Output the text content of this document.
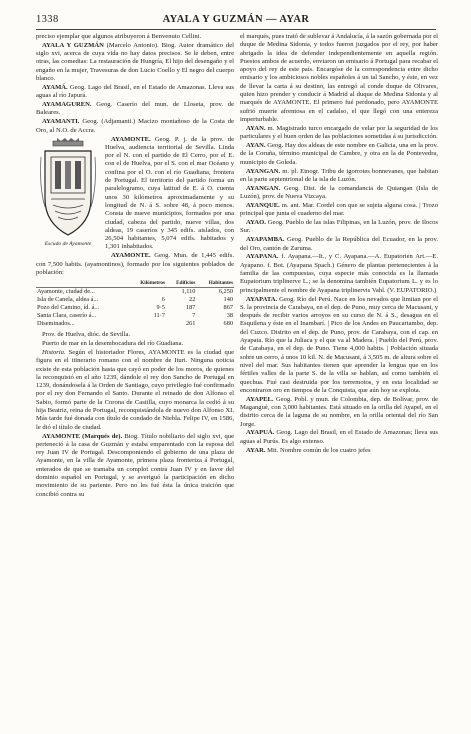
1338	AYALA Y GUZMÁN — AYAR

preciso ejemplar que algunos atribuyeron á Benvenuto Cellini.

AYALA Y GUZMÁN (Marcelo Antonio). Biog. Autor dramático del siglo xvi, acerca de cuya vida no hay datos precisos. Se le deben, entre otras, las comedias: La restauración de Hungría, El hijo del desengaño y el engaño en la mujer, Travesuras de don Lucio Coello y El negro del cuerpo blanco.

AYAMÁ. Geog. Lago del Brasil, en el Estado de Amazonas. Lleva sus aguas al río Japurá.

AYAMAGUREN. Geog. Caserío del mun. de Lloseta, prov. de Baleares.

AYAMANTI. Geog. (Adjamanti.) Macizo montañoso de la Costa de Oro, al N.O. de Accra.

Escudo de Ayamonte

AYAMONTE. Geog. P. j. de la prov. de Huelva, audiencia territorial de Sevilla. Linda por el N. con el partido de El Cerro, por el E. con el de Huelva, por el S. con el mar Océano y confina por el O. con el río Guadiana, frontera de Portugal. El territorio del partido forma un paralelogramo, cuya latitud de E. á O. cuenta unos 30 kilómetros aproximadamente y su longitud de N. á S. sobre 48, á poco menos. Consta de nueve municipios, formados por una ciudad, cabeza del partido, nueve villas, dos aldeas, 19 caseríos y 345 edifs. aislados, con 26,504 habitantes, 5,074 edifs. habitados y 1,301 inhabitados.

AYAMONTE. Geog. Mun. de 1,445 edifs. con 7,500 habits. (ayamontinos), formado por los siguientes poblados de población:

	Kilómetros	Edificios	Habitantes
Ayamonte, ciudad de...		1,110	6,250
Isla de Canela, aldea á...	6	22	140
Pozo del Camino, íd. á...	9·5	187	867
Santa Clara, caserío á...	11·7	7	38
Diseminados...		261	680

Prov. de Huelva, dióc. de Sevilla.

Puerto de mar en la desembocadura del río Guadiana.

Historia. Según el historiador Flores, AYAMONTE es la ciudad que figura en el itinerario romano con el nombre de Ituri. Ninguna noticia existe de esta población hasta que cayó en poder de los moros, de quienes la reconquistó en el año 1239, dándole el rey don Sancho de Portugal en 1239, donándosela á la Orden de Santiago, cuyo privilegio fué confirmado por el rey don Fernando el Santo. Durante el reinado de don Alfonso el Sabio, formó parte de la Corona de Castilla, cuyo monarca la cedió á su hija Beatriz, reina de Portugal, reconquistándola de nuevo don Alfonso XI. Más tarde fué donada con título de condado de Niebla. Felipe IV, en 1586, le dió el título de ciudad.

AYAMONTE (Marqués de). Biog. Título nobiliario del siglo xvi, que perteneció á la casa de Guzmán y estaba emparentado con la esposa del rey Juan IV de Portugal. Descomponiendo el gobierno de una plaza de Ayamonte, en la villa de Ayamonte, primera plaza fronteriza á Portugal, enterados de que se tramaba un complot contra Juan IV y en favor del dominio español en Portugal, y se averiguó la participación en dicho movimiento de su pariente. Pero no les fué ésta la única traición que concibió contra su

el marqués, pues trató de sublevar á Andalucía, á la sazón gobernada por el duque de Medina Sidonia, y todos fueron juzgados por el rey, por haber abrigado la idea de defender independientemente en aquella región. Puestos ambos de acuerdo, enviaron un emisario á Portugal para recabar el apoyo del rey de este país. Encargóse de la correspondencia entre dicho emisario y los ambiciosos nobles españoles á un tal Sancho, y éste, en vez de llevar la carta á su destino, las entregó al conde duque de Olivares, quien hizo prender y conducir á Madrid al duque de Medina Sidonia y al marqués de AYAMONTE. El primero fué perdonado, pero AYAMONTE sufrió muerte afrentosa en el cadalso, el que llegó con una entereza imperturbable.

AYAN. m. Magistrado turco encargado de velar por la seguridad de los particulares y el buen orden de las poblaciones sometidas á su jurisdicción.

AYAN. Geog. Hay dos aldeas de este nombre en Galicia, una en la prov. de la Coruña, término municipal de Cambre, y otra en la de Pontevedra, municipio de Goleda.

AYANGAN. m. pl. Etnogr. Tribu de igorrotes bonnevanes, que habitan en la parte septentrional de la isla de Luzón.

AYANGAN. Geog. Dist. de la comandancia de Quiangan (Isla de Luzón), prov. de Nueva Vizcaya.

AYANQUE. m. ant. Mar. Cordel con que se sujeta alguna cosa. | Trozo principal que junta el cuaderno del mar.

AYAO. Geog. Pueblo de las islas Filipinas, en la Luzón, prov. de Ilocos Sur.

AYAPAMBA. Geog. Pueblo de la República del Ecuador, en la prov. del Oro, cantón de Zaruma.

AYAPANA. f. Ayapana.—It., y C. Ayapana.—A. Eupatorien Art.—E. Ayapano. f. Bot. (Ayapana Spach.) Género de plantas pertenecientes á la familia de las compuestas, cuya especie más conocida es la llamada Eupatorium triplinerve L.; se la denomina también Eupatorium L. y es lo principalmente el nombre de Ayapana triplinervis Vahl. (V. EUPATORIO.)

AYAPATA. Geog. Río del Perú. Nace en los nevados que limitan por el S. la provincia de Carabaya, en el dep. de Puno, muy cerca de Macusani, y después de recibir varios arroyos en su curso de N. á S., desagua en el Esquilena y éste en el Inambarí. | Pico de los Andes en Paucartambo, dep. del Cuzco. Distrito en el dep. de Puno, prov. de Carabaya, con el cap. en Ayapata. Río que la Juliaca y el que va al Madera. | Pueblo del Perú, prov. de Carabaya, en el dep. de Puno. Tiene 4,000 habits. | Población situada sobre un cerro, á unos 10 kil. N. de Macusani, á 3,505 m. de altura sobre el nivel del mar. Sus habitantes tienen que aprender la lengua que en los fértiles valles de la parte S. de la villa se hablan, así como también el quechua. Fué casi destruida por los terremotos, y en esta localidad se encontraron oro en tiempos de la Conquista, que aún hoy se explota.

AYAPEL. Geog. Pobl. y mun. de Colombia, dep. de Bolívar, prov. de Magangué, con 3,000 habitantes. Está situado en la orilla del Ayapel, en el distrito cerca de la laguna de su nombre, en la orilla oriental del río San Jorge.

AYAPUÁ. Geog. Lago del Brasil, en el Estado de Amazonas; lleva sus aguas al Purús. Es algo extenso.

AYAR. Mit. Nombre común de los cuatro jefes
